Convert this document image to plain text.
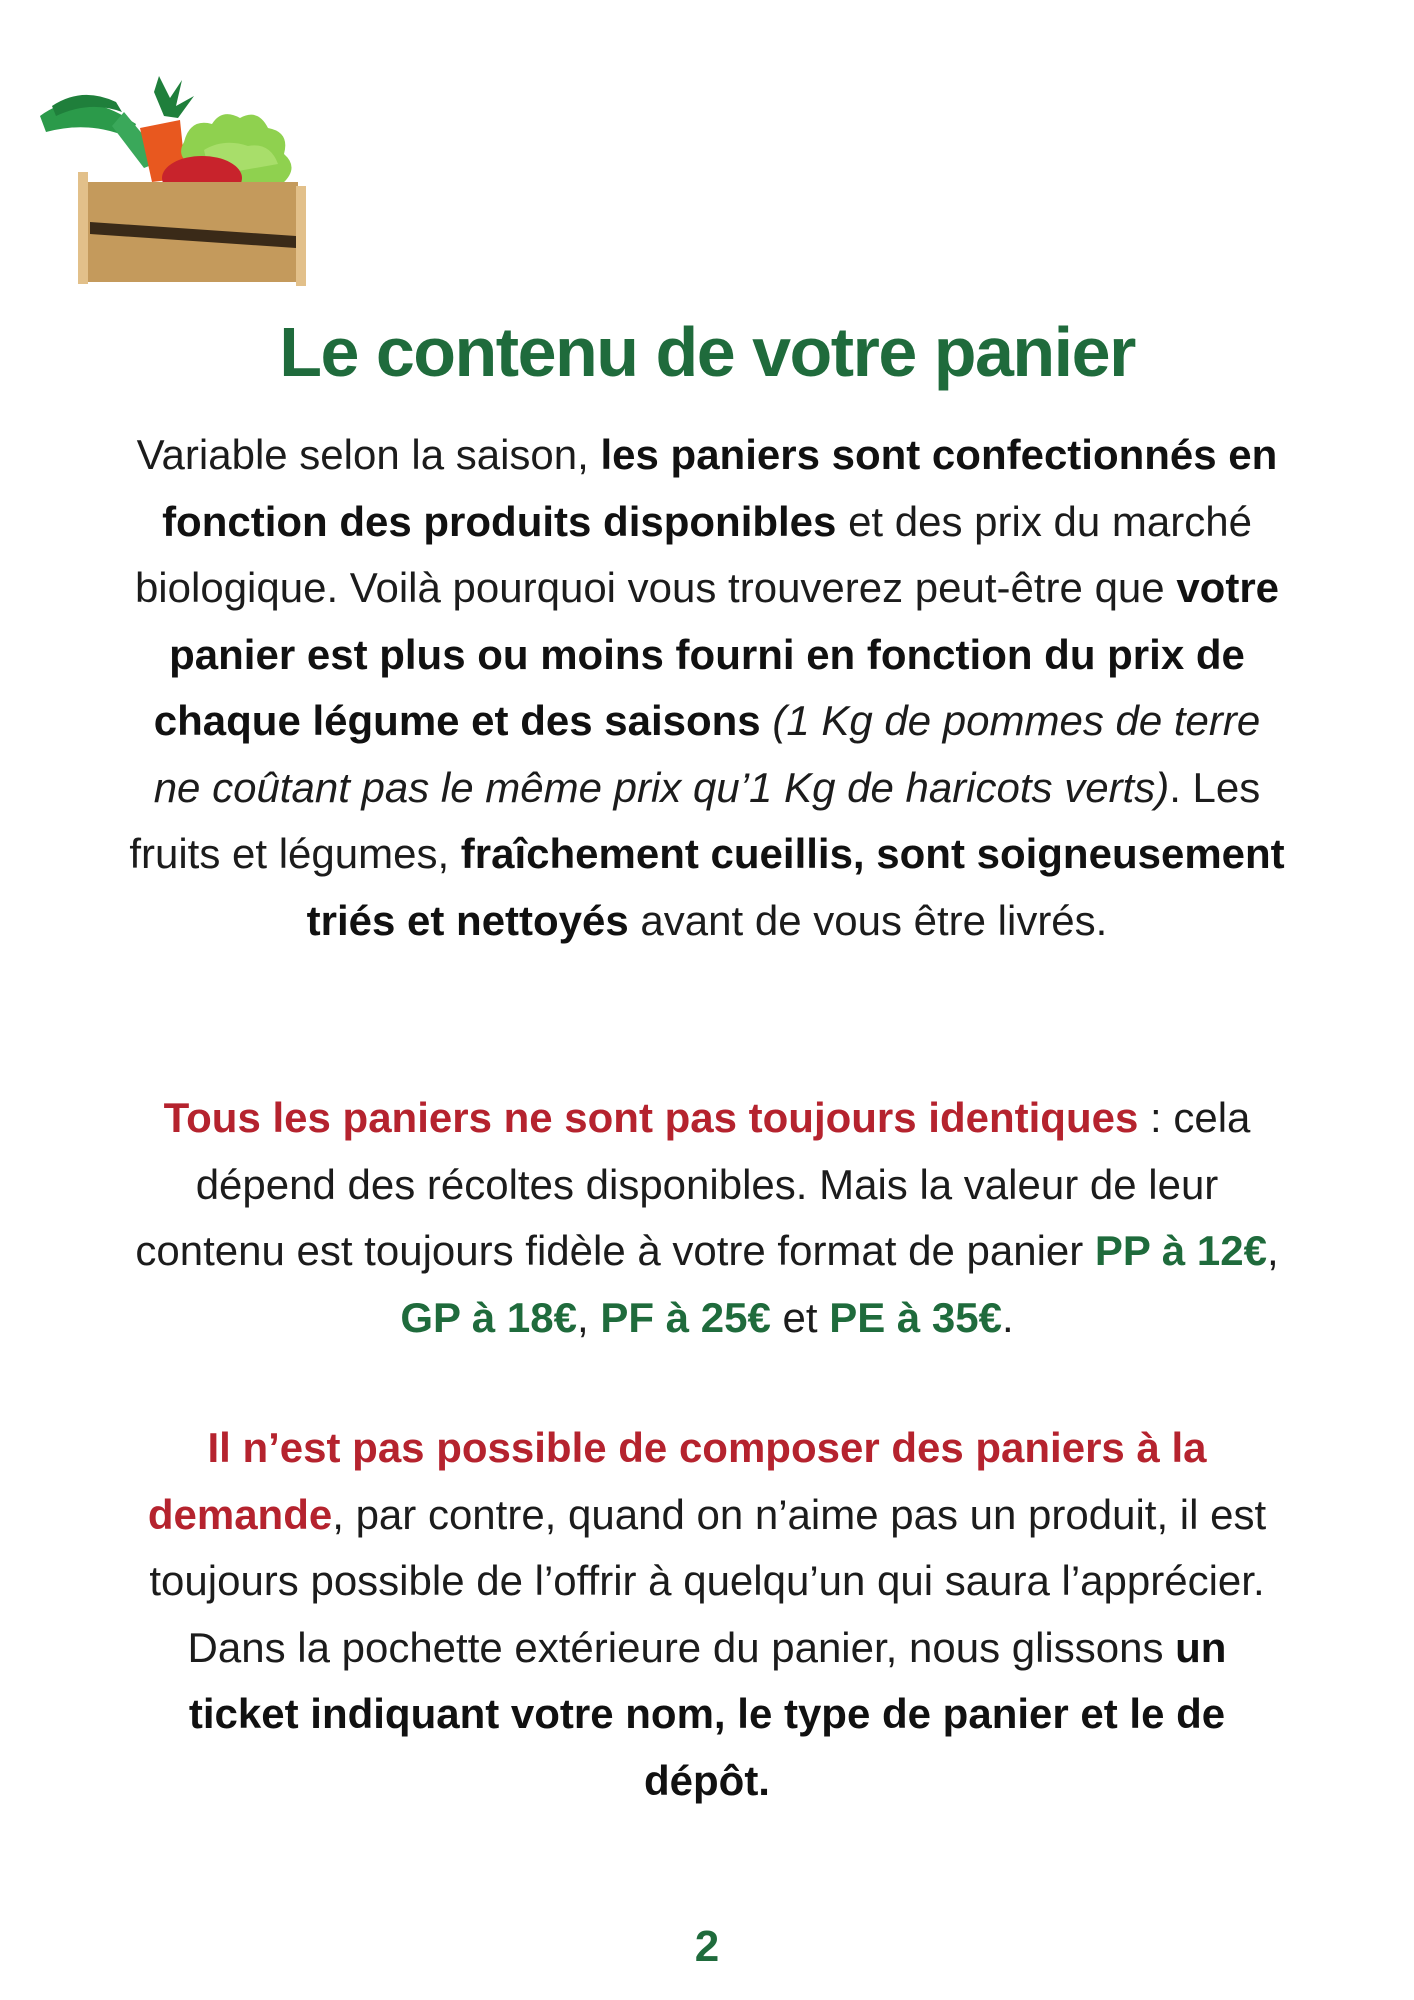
Le contenu de votre panier

Variable selon la saison, les paniers sont confectionnés en fonction des produits disponibles et des prix du marché biologique. Voilà pourquoi vous trouverez peut-être que votre panier est plus ou moins fourni en fonction du prix de chaque légume et des saisons (1 Kg de pommes de terre ne coûtant pas le même prix qu’1 Kg de haricots verts). Les fruits et légumes, fraîchement cueillis, sont soigneusement triés et nettoyés avant de vous être livrés.

Tous les paniers ne sont pas toujours identiques : cela dépend des récoltes disponibles. Mais la valeur de leur contenu est toujours fidèle à votre format de panier PP à 12€, GP à 18€, PF à 25€ et PE à 35€.

Il n’est pas possible de composer des paniers à la demande, par contre, quand on n’aime pas un produit, il est toujours possible de l’offrir à quelqu’un qui saura l’apprécier. Dans la pochette extérieure du panier, nous glissons un ticket indiquant votre nom, le type de panier et le de dépôt.

2
